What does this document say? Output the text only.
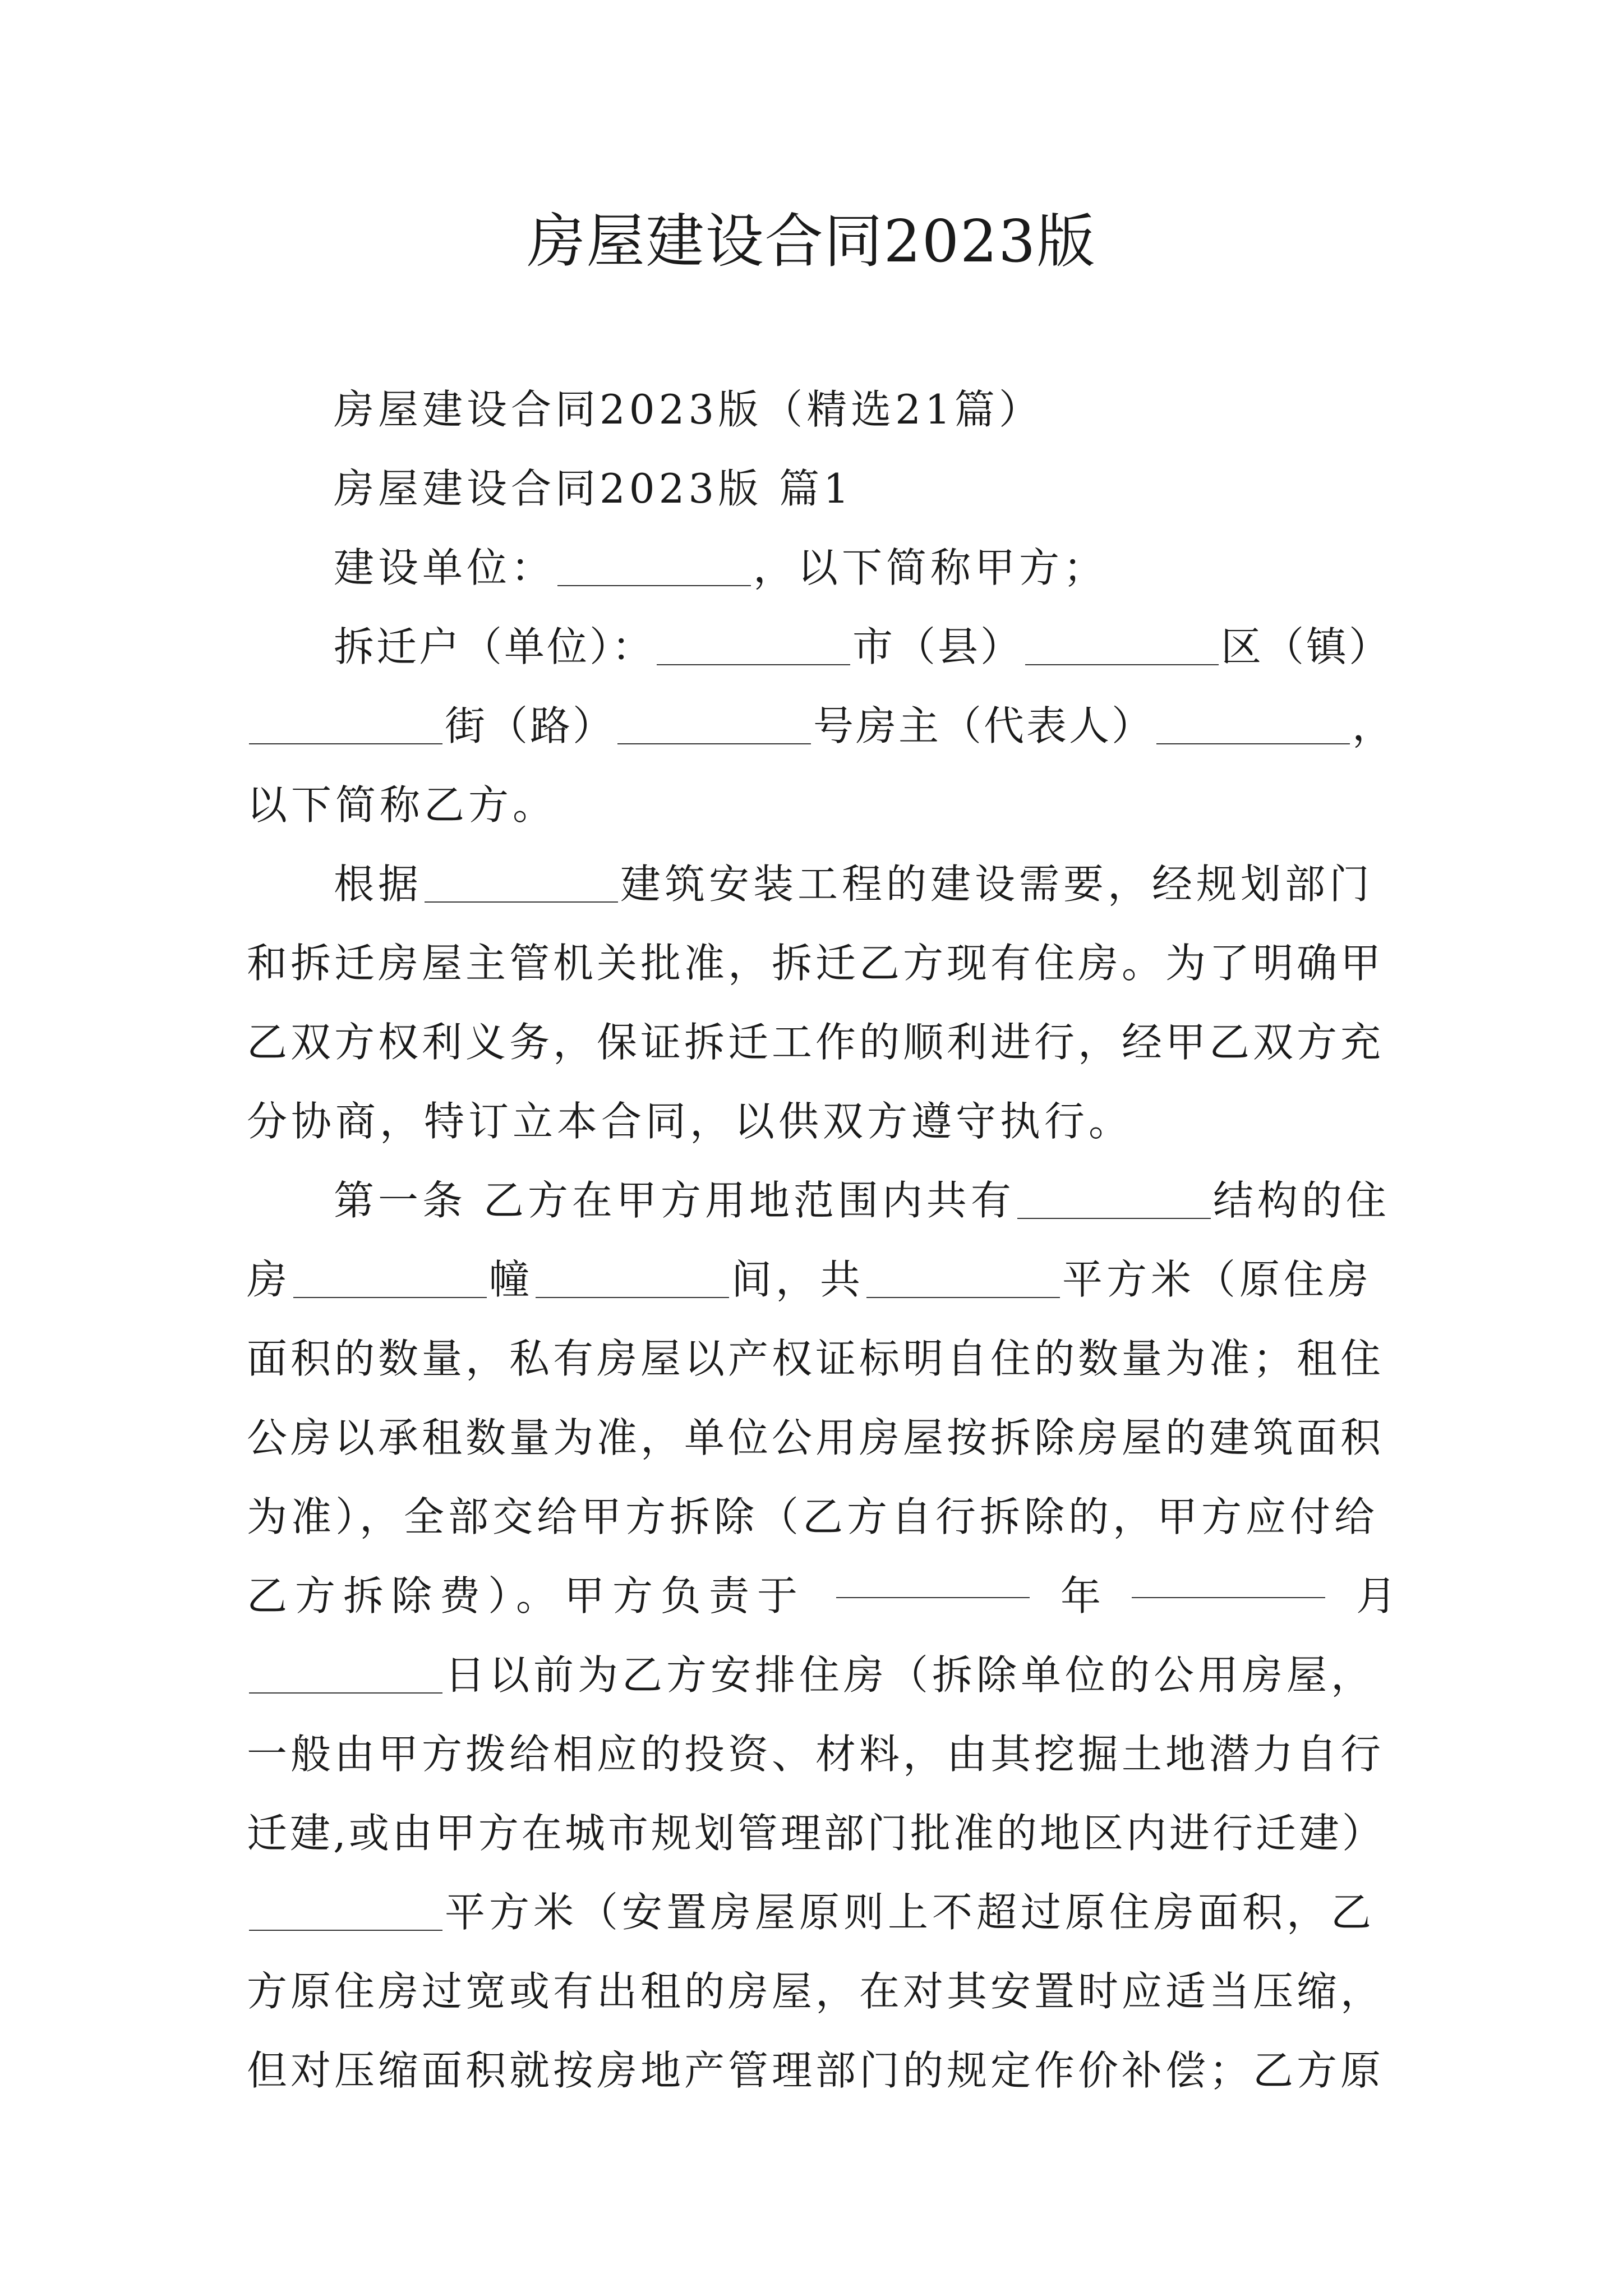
房屋建设合同2023版
房屋建设合同2023版（精选21篇）
房屋建设合同2023版 篇1
建设单位：	，以下简称甲方；
拆迁户（单位）：	市（县）	区（镇）
街（路）	号房主（代表人）	，
以下简称乙方。
根据	建筑安装工程的建设需要，经规划部门
和拆迁房屋主管机关批准，拆迁乙方现有住房。为了明确甲
乙双方权利义务，保证拆迁工作的顺利进行，经甲乙双方充
分协商，特订立本合同，以供双方遵守执行。
第一条 乙方在甲方用地范围内共有	结构的住
房	幢	间，共	平方米（原住房
面积的数量，私有房屋以产权证标明自住的数量为准；租住
公房以承租数量为准，单位公用房屋按拆除房屋的建筑面积
为准），全部交给甲方拆除（乙方自行拆除的，甲方应付给
乙方拆除费）。甲方负责于	年	月
日以前为乙方安排住房（拆除单位的公用房屋，
一般由甲方拨给相应的投资、材料，由其挖掘土地潜力自行
迁建,或由甲方在城市规划管理部门批准的地区内进行迁建）
平方米（安置房屋原则上不超过原住房面积，乙
方原住房过宽或有出租的房屋，在对其安置时应适当压缩，
但对压缩面积就按房地产管理部门的规定作价补偿；乙方原
